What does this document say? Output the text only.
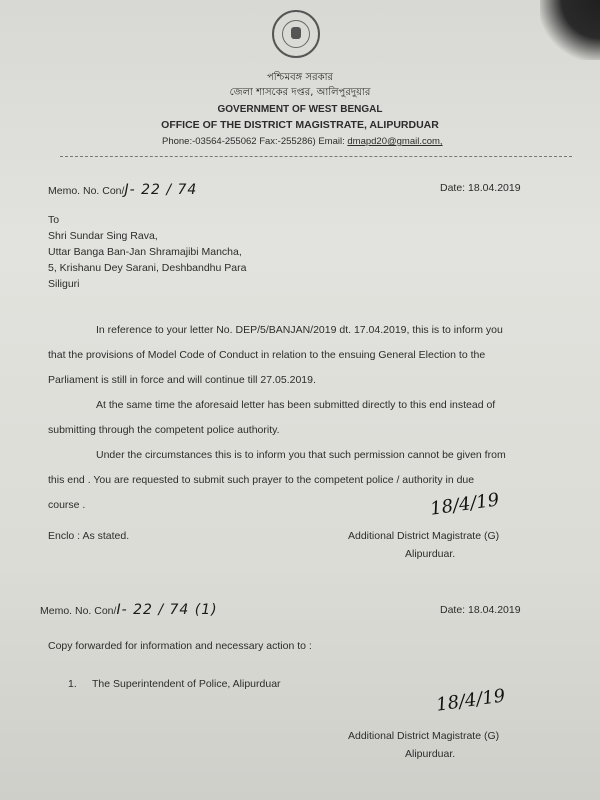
পশ্চিমবঙ্গ সরকার
জেলা শাসকের দপ্তর, আলিপুরদুয়ার
GOVERNMENT OF WEST BENGAL
OFFICE OF THE DISTRICT MAGISTRATE, ALIPURDUAR
Phone:-03564-255062 Fax:-255286) Email: dmapd20@gmail.com,
Memo. No. Con/J- 22 / 74	Date: 18.04.2019
To
Shri Sundar Sing Rava,
Uttar Banga Ban-Jan Shramajibi Mancha,
5, Krishanu Dey Sarani, Deshbandhu Para
Siliguri

In reference to your letter No. DEP/5/BANJAN/2019 dt. 17.04.2019, this is to inform you

that the provisions of Model Code of Conduct in relation to the ensuing General Election to the

Parliament is still in force and will continue till 27.05.2019.

At the same time the aforesaid letter has been submitted directly to this end instead of

submitting through the competent police authority.

Under the circumstances this is to inform you that such permission cannot be given from

this end . You are requested to submit such prayer to the competent police / authority in due

course .	18/4/19
Enclo : As stated.	Additional District Magistrate (G)
Alipurduar.
Memo. No. Con/I- 22 / 74 (1)	Date: 18.04.2019
Copy forwarded for information and necessary action to :
1. The Superintendent of Police, Alipurduar
18/4/19
Additional District Magistrate (G)
Alipurduar.
